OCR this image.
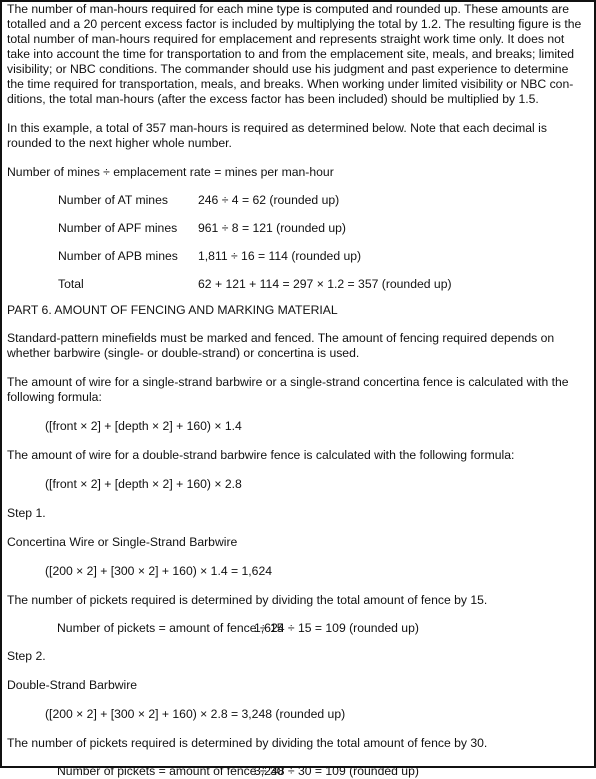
The number of man-hours required for each mine type is computed and rounded up. These amounts are
totalled and a 20 percent excess factor is included by multiplying the total by 1.2. The resulting figure is the
total number of man-hours required for emplacement and represents straight work time only. It does not
take into account the time for transportation to and from the emplacement site, meals, and breaks; limited
visibility; or NBC conditions. The commander should use his judgment and past experience to determine
the time required for transportation, meals, and breaks. When working under limited visibility or NBC con-
ditions, the total man-hours (after the excess factor has been included) should be multiplied by 1.5.
In this example, a total of 357 man-hours is required as determined below. Note that each decimal is
rounded to the next higher whole number.
Number of mines ÷ emplacement rate = mines per man-hour
Number of AT mines	246 ÷ 4 = 62 (rounded up)
Number of APF mines	961 ÷ 8 = 121 (rounded up)
Number of APB mines	1,811 ÷ 16 = 114 (rounded up)
Total	62 + 121 + 114 = 297 × 1.2 = 357 (rounded up)
PART 6. AMOUNT OF FENCING AND MARKING MATERIAL
Standard-pattern minefields must be marked and fenced. The amount of fencing required depends on
whether barbwire (single- or double-strand) or concertina is used.
The amount of wire for a single-strand barbwire or a single-strand concertina fence is calculated with the
following formula:
([front × 2] + [depth × 2] + 160) × 1.4
The amount of wire for a double-strand barbwire fence is calculated with the following formula:
([front × 2] + [depth × 2] + 160) × 2.8
Step 1.
Concertina Wire or Single-Strand Barbwire
([200 × 2] + [300 × 2] + 160) × 1.4 = 1,624
The number of pickets required is determined by dividing the total amount of fence by 15.
Number of pickets = amount of fence ÷ 15
1,624 ÷ 15 = 109 (rounded up)
Step 2.
Double-Strand Barbwire
([200 × 2] + [300 × 2] + 160) × 2.8 = 3,248 (rounded up)
The number of pickets required is determined by dividing the total amount of fence by 30.
Number of pickets = amount of fence ÷ 30
3,248 ÷ 30 = 109 (rounded up)
